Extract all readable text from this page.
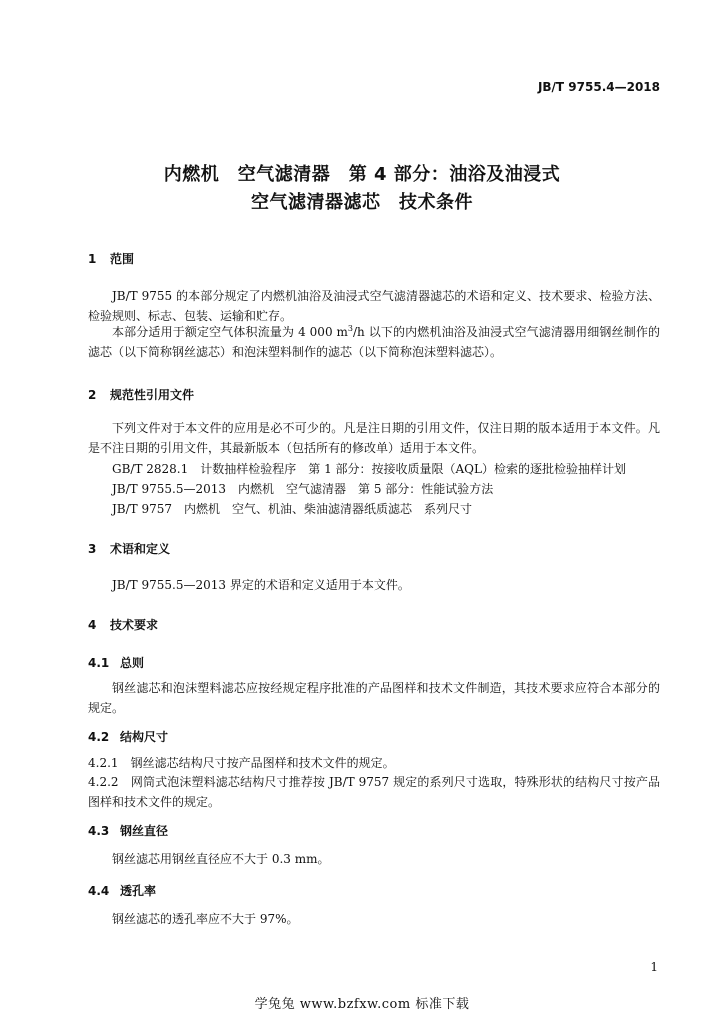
JB/T 9755.4—2018
内燃机　空气滤清器　第 4 部分：油浴及油浸式
空气滤清器滤芯　技术条件
1 范围
JB/T 9755 的本部分规定了内燃机油浴及油浸式空气滤清器滤芯的术语和定义、技术要求、检验方法、检验规则、标志、包装、运输和贮存。
本部分适用于额定空气体积流量为 4 000 $m^3/h$ 以下的内燃机油浴及油浸式空气滤清器用细钢丝制作的滤芯（以下简称钢丝滤芯）和泡沫塑料制作的滤芯（以下简称泡沫塑料滤芯）。
2 规范性引用文件
下列文件对于本文件的应用是必不可少的。凡是注日期的引用文件，仅注日期的版本适用于本文件。凡是不注日期的引用文件，其最新版本（包括所有的修改单）适用于本文件。
GB/T 2828.1　计数抽样检验程序　第 1 部分：按接收质量限（AQL）检索的逐批检验抽样计划
JB/T 9755.5—2013　内燃机　空气滤清器　第 5 部分：性能试验方法
JB/T 9757　内燃机　空气、机油、柴油滤清器纸质滤芯　系列尺寸
3 术语和定义
JB/T 9755.5—2013 界定的术语和定义适用于本文件。
4 技术要求
4.1 总则
钢丝滤芯和泡沫塑料滤芯应按经规定程序批准的产品图样和技术文件制造，其技术要求应符合本部分的规定。
4.2 结构尺寸
4.2.1　 钢丝滤芯结构尺寸按产品图样和技术文件的规定。
4.2.2　 网筒式泡沫塑料滤芯结构尺寸推荐按 JB/T 9757 规定的系列尺寸选取，特殊形状的结构尺寸按产品图样和技术文件的规定。
4.3 钢丝直径
钢丝滤芯用钢丝直径应不大于 0.3 mm。
4.4 透孔率
钢丝滤芯的透孔率应不大于 97%。
1
学兔兔 www.bzfxw.com 标准下载
